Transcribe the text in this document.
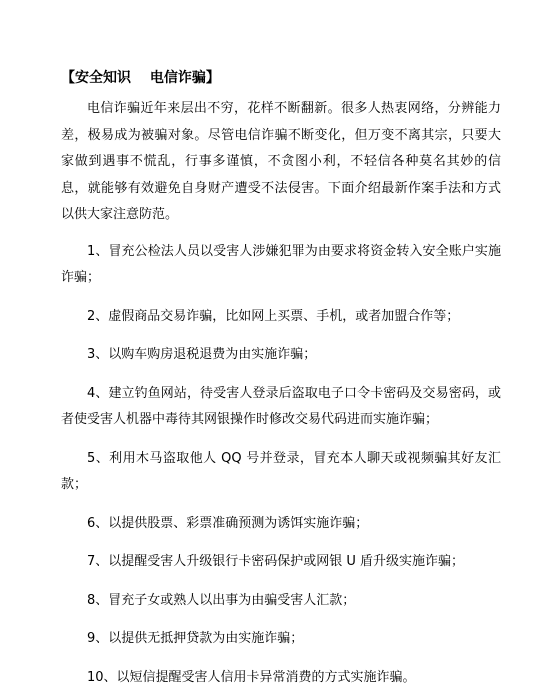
【安全知识 　电信诈骗】

电信诈骗近年来层出不穷，花样不断翻新。很多人热衷网络，分辨能力差，极易成为被骗对象。尽管电信诈骗不断变化，但万变不离其宗，只要大家做到遇事不慌乱，行事多谨慎，不贪图小利，不轻信各种莫名其妙的信息，就能够有效避免自身财产遭受不法侵害。下面介绍最新作案手法和方式以供大家注意防范。

1、冒充公检法人员以受害人涉嫌犯罪为由要求将资金转入安全账户实施诈骗；

2、虚假商品交易诈骗，比如网上买票、手机，或者加盟合作等；

3、以购车购房退税退费为由实施诈骗；

4、建立钓鱼网站，待受害人登录后盗取电子口令卡密码及交易密码，或者使受害人机器中毒待其网银操作时修改交易代码进而实施诈骗；

5、利用木马盗取他人 QQ 号并登录，冒充本人聊天或视频骗其好友汇款；

6、以提供股票、彩票准确预测为诱饵实施诈骗；

7、以提醒受害人升级银行卡密码保护或网银 U 盾升级实施诈骗；

8、冒充子女或熟人以出事为由骗受害人汇款；

9、以提供无抵押贷款为由实施诈骗；

10、以短信提醒受害人信用卡异常消费的方式实施诈骗。
